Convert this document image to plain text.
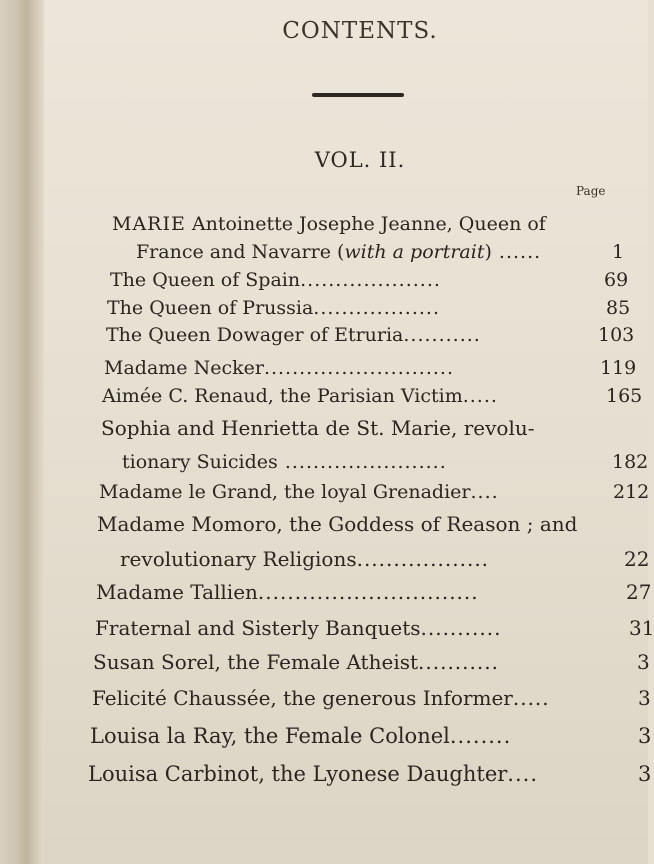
CONTENTS.
VOL. II.
Page
MARIE Antoinette Josephe Jeanne, Queen of
France and Navarre (with a portrait) ......	1
The Queen of Spain....................	69
The Queen of Prussia..................	85
The Queen Dowager of Etruria...........	103
Madame Necker...........................	119
Aimée C. Renaud, the Parisian Victim.....	165
Sophia and Henrietta de St. Marie, revolu-
tionary Suicides .......................	182
Madame le Grand, the loyal Grenadier....	212
Madame Momoro, the Goddess of Reason ; and
revolutionary Religions..................	22
Madame Tallien..............................	27
Fraternal and Sisterly Banquets...........	31
Susan Sorel, the Female Atheist...........	3
Felicité Chaussée, the generous Informer.....	3
Louisa la Ray, the Female Colonel........	3
Louisa Carbinot, the Lyonese Daughter....	3
